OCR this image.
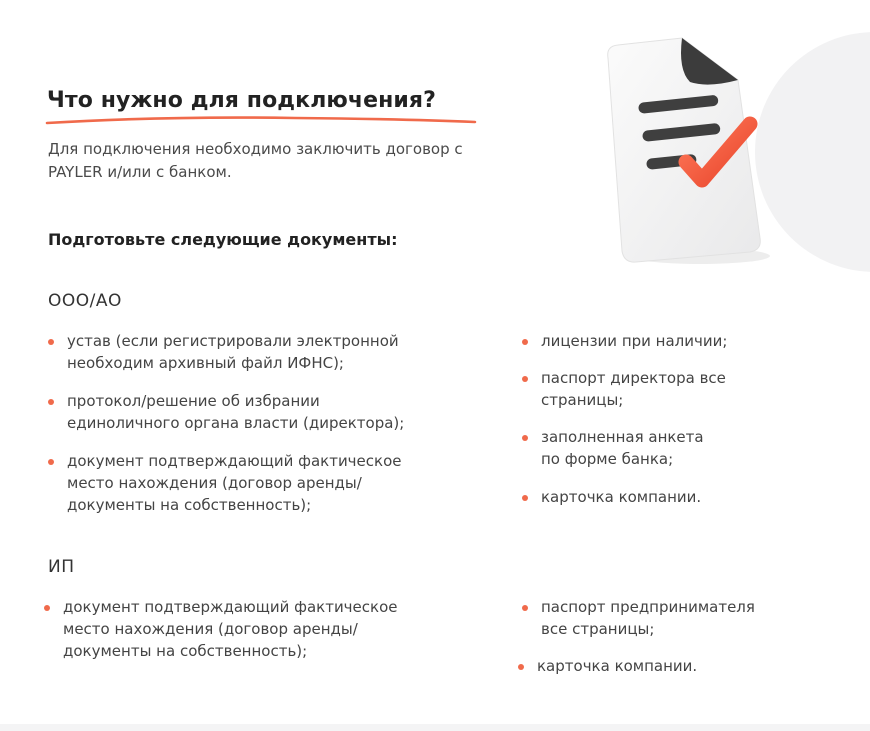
Что нужно для подключения?
Для подключения необходимо заключить договор с PAYLER и/или с банком.
Подготовьте следующие документы:
ООО/АО
устав (если регистрировали электронной
необходим архивный файл ИФНС);
протокол/решение об избрании
единоличного органа власти (директора);
документ подтверждающий фактическое
место нахождения (договор аренды/
документы на собственность);
лицензии при наличии;
паспорт директора все
страницы;
заполненная анкета
по форме банка;
карточка компании.
ИП
документ подтверждающий фактическое
место нахождения (договор аренды/
документы на собственность);
паспорт предпринимателя
все страницы;
карточка компании.
